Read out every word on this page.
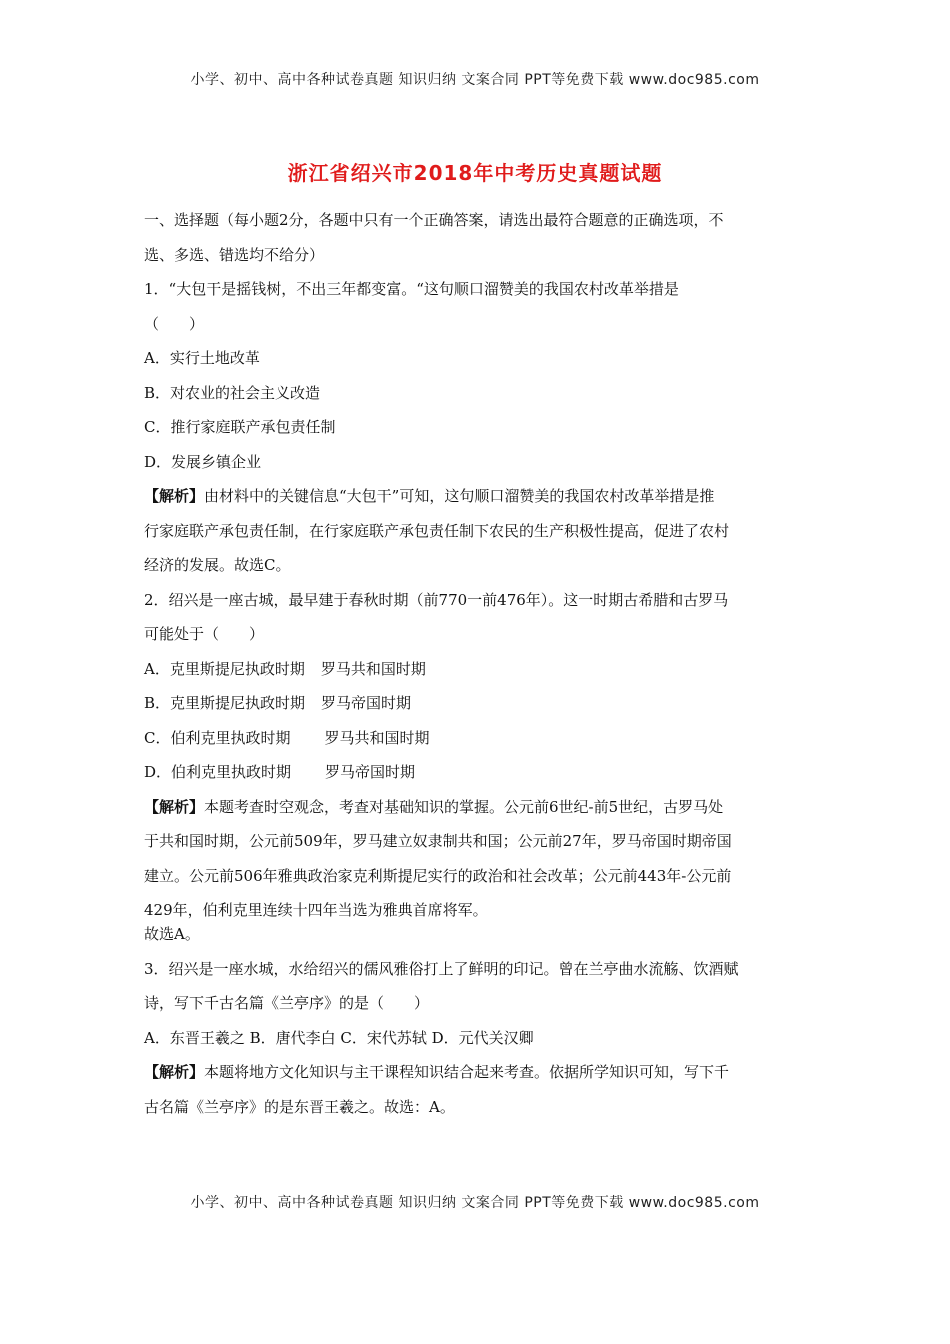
小学、初中、高中各种试卷真题 知识归纳 文案合同 PPT等免费下载 www.doc985.com
浙江省绍兴市2018年中考历史真题试题
一、选择题（每小题2分，各题中只有一个正确答案，请选出最符合题意的正确选项，不
选、多选、错选均不给分）
1．“大包干是摇钱树，不出三年都变富。“这句顺口溜赞美的我国农村改革举措是
（　　）
A．实行土地改革
B．对农业的社会主义改造
C．推行家庭联产承包责任制
D．发展乡镇企业
【解析】由材料中的关键信息“大包干”可知，这句顺口溜赞美的我国农村改革举措是推
行家庭联产承包责任制，在行家庭联产承包责任制下农民的生产积极性提高，促进了农村
经济的发展。故选C。
2．绍兴是一座古城，最早建于春秋时期（前770一前476年）。这一时期古希腊和古罗马
可能处于（　　）
A．克里斯提尼执政时期 罗马共和国时期
B．克里斯提尼执政时期 罗马帝国时期
C．伯利克里执政时期 罗马共和国时期
D．伯利克里执政时期 罗马帝国时期
【解析】本题考查时空观念，考查对基础知识的掌握。公元前6世纪-前5世纪，古罗马处
于共和国时期，公元前509年，罗马建立奴隶制共和国；公元前27年，罗马帝国时期帝国
建立。公元前506年雅典政治家克利斯提尼实行的政治和社会改革；公元前443年-公元前
429年，伯利克里连续十四年当选为雅典首席将军。
故选A。
3．绍兴是一座水城，水给绍兴的儒风雅俗打上了鲜明的印记。曾在兰亭曲水流觞、饮酒赋
诗，写下千古名篇《兰亭序》的是（　　）
A．东晋王羲之 B．唐代李白 C．宋代苏轼 D．元代关汉卿
【解析】本题将地方文化知识与主干课程知识结合起来考查。依据所学知识可知，写下千
古名篇《兰亭序》的是东晋王羲之。故选：A。
小学、初中、高中各种试卷真题 知识归纳 文案合同 PPT等免费下载 www.doc985.com
